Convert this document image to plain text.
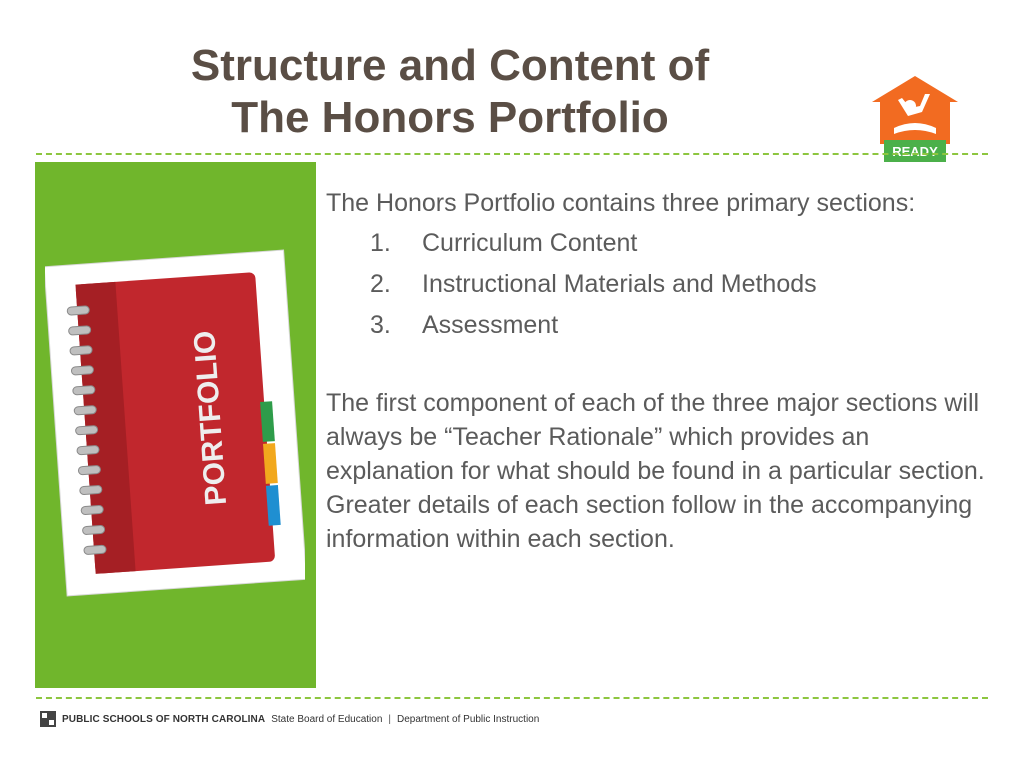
Structure and Content of
The Honors Portfolio
READY
PORTFOLIO

The Honors Portfolio contains three primary sections:

1.	Curriculum Content
2.	Instructional Materials and Methods
3.	Assessment

The first component of each of the three major sections will always be “Teacher Rationale” which provides an explanation for what should be found in a particular section. Greater details of each section follow in the accompanying information within each section.

PUBLIC SCHOOLS OF NORTH CAROLINA State Board of Education | Department of Public Instruction
